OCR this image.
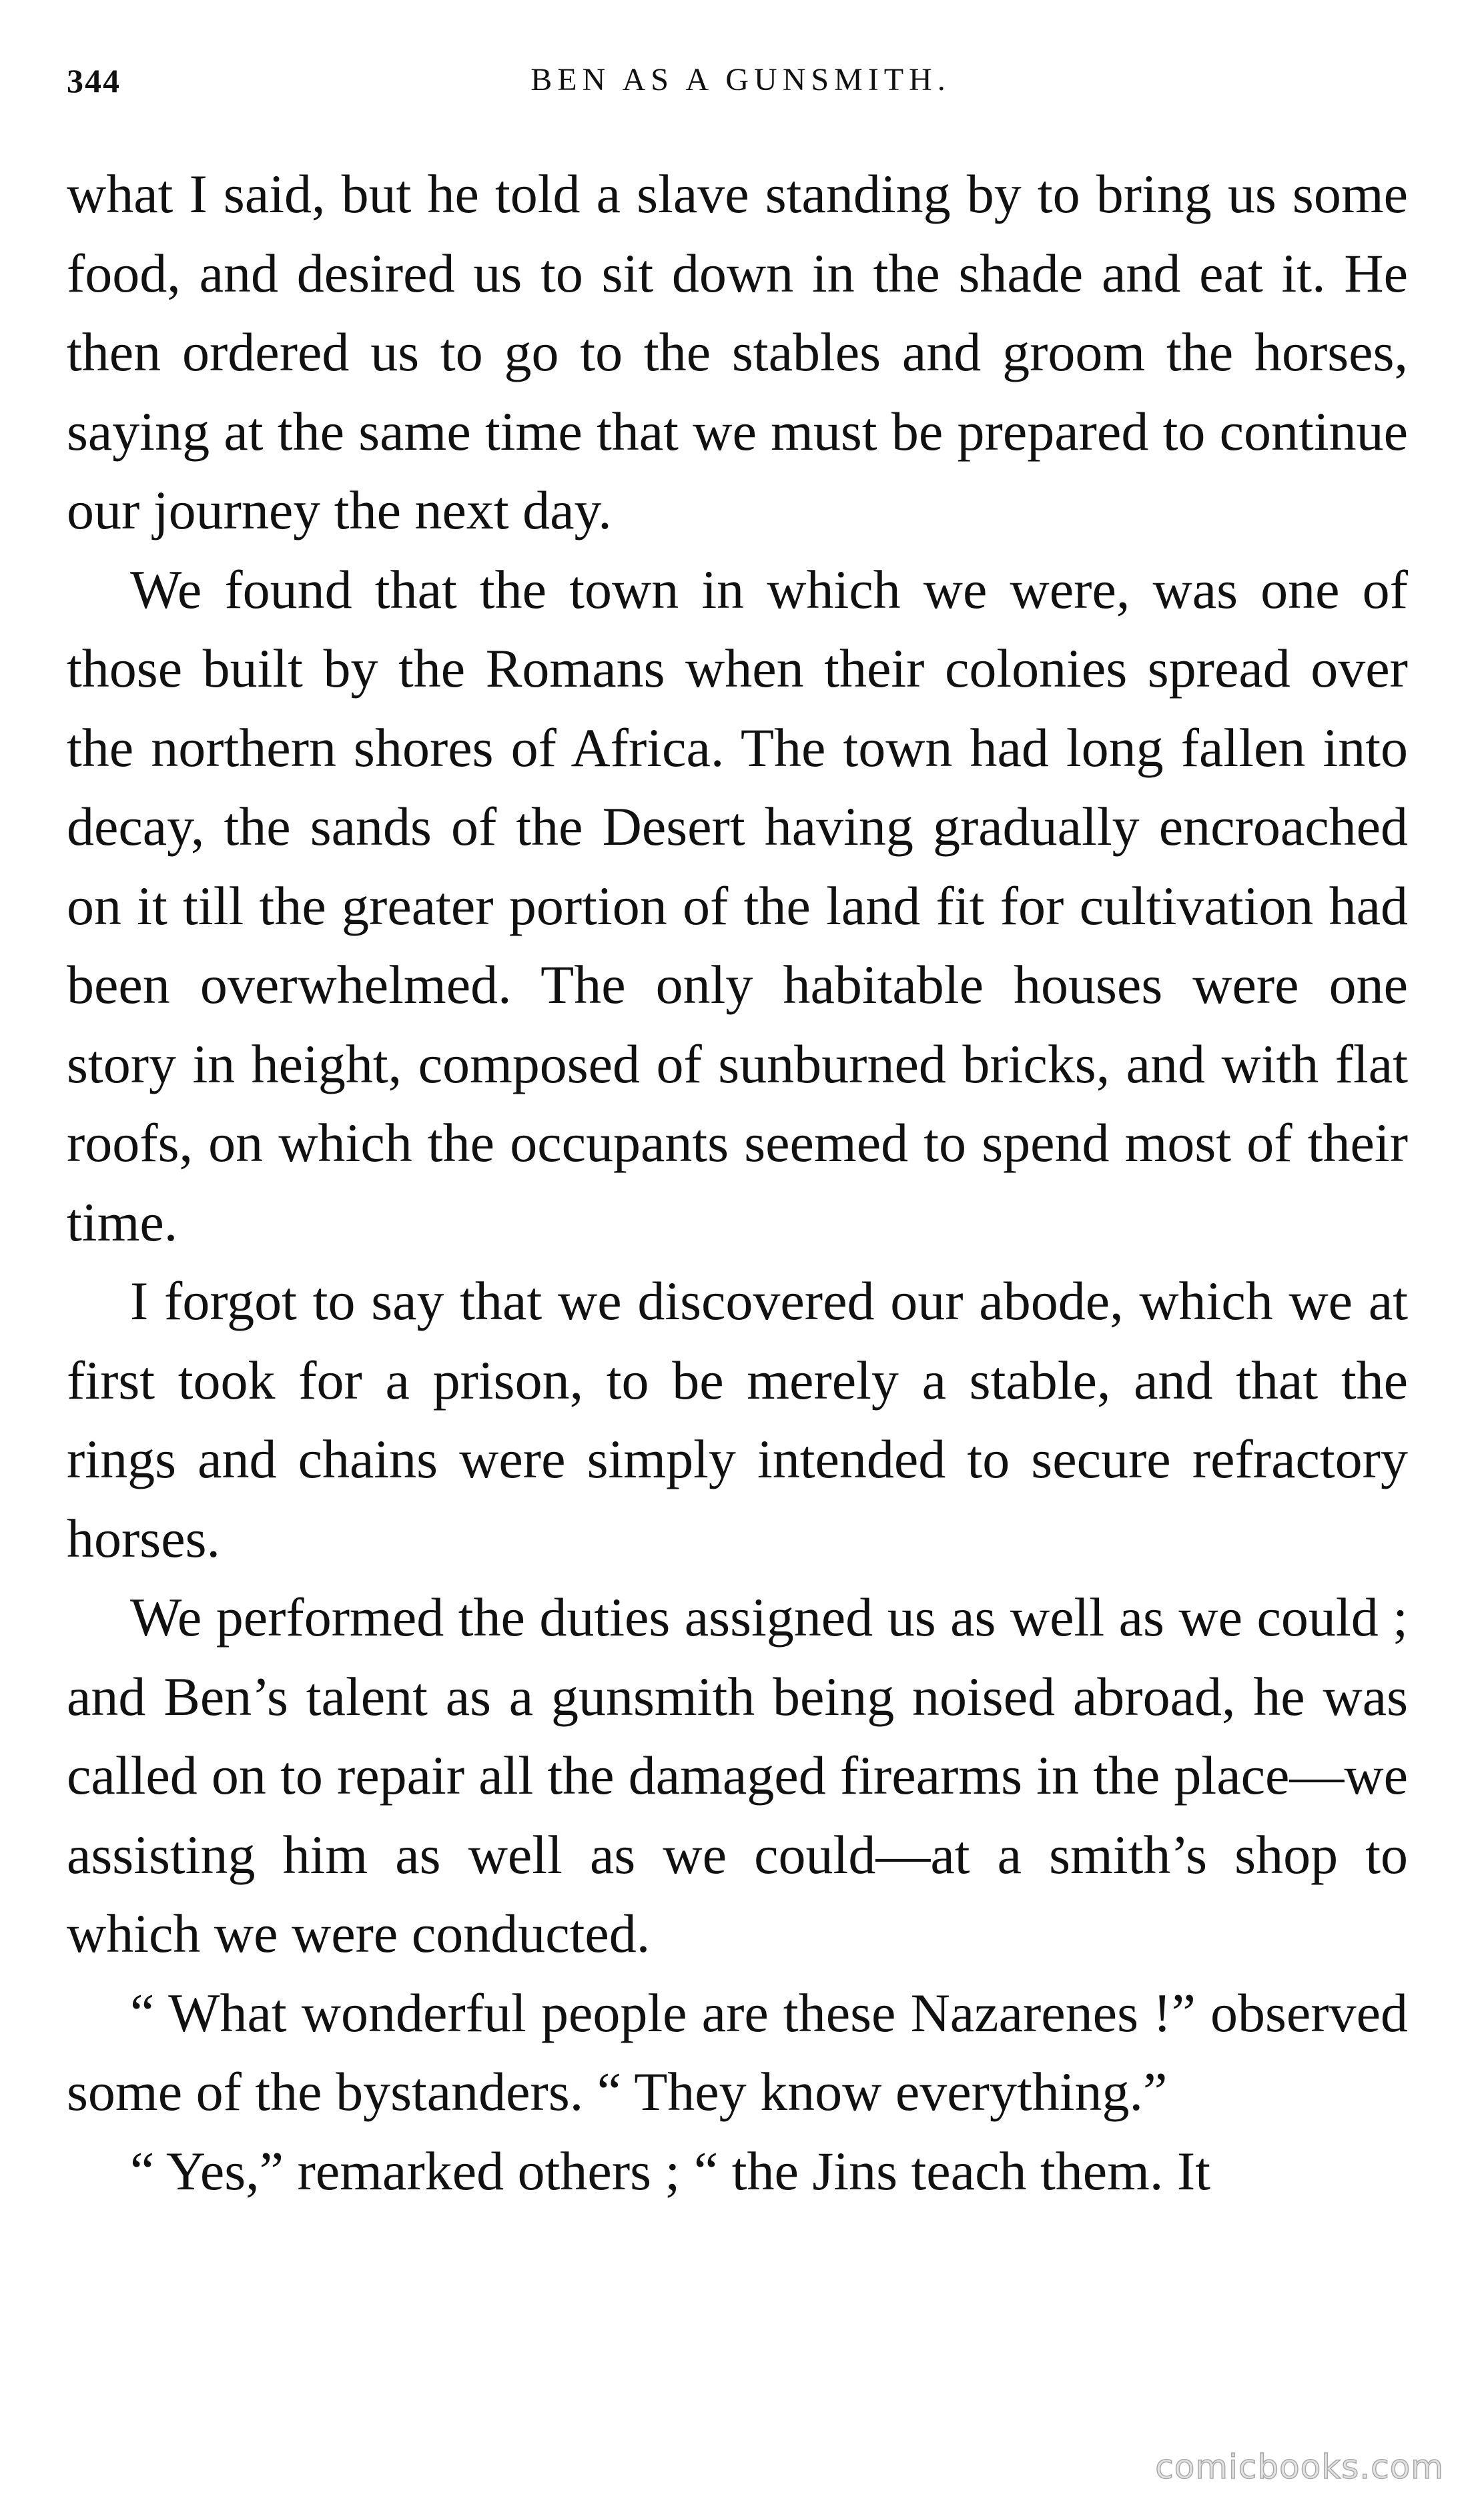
344	BEN AS A GUNSMITH.

what I said, but he told a slave standing by to bring us some food, and desired us to sit down in the shade and eat it. He then ordered us to go to the stables and groom the horses, saying at the same time that we must be prepared to continue our journey the next day.

We found that the town in which we were, was one of those built by the Romans when their colonies spread over the northern shores of Africa. The town had long fallen into decay, the sands of the Desert having gradually encroached on it till the greater portion of the land fit for cultivation had been overwhelmed. The only habitable houses were one story in height, composed of sunburned bricks, and with flat roofs, on which the occupants seemed to spend most of their time.

I forgot to say that we discovered our abode, which we at first took for a prison, to be merely a stable, and that the rings and chains were simply intended to secure refractory horses.

We performed the duties assigned us as well as we could ; and Ben’s talent as a gunsmith being noised abroad, he was called on to repair all the damaged firearms in the place—we assisting him as well as we could—at a smith’s shop to which we were conducted.

“ What wonderful people are these Nazarenes !” observed some of the bystanders. “ They know everything.”

“ Yes,” remarked others ; “ the Jins teach them. It

comicbooks.com
